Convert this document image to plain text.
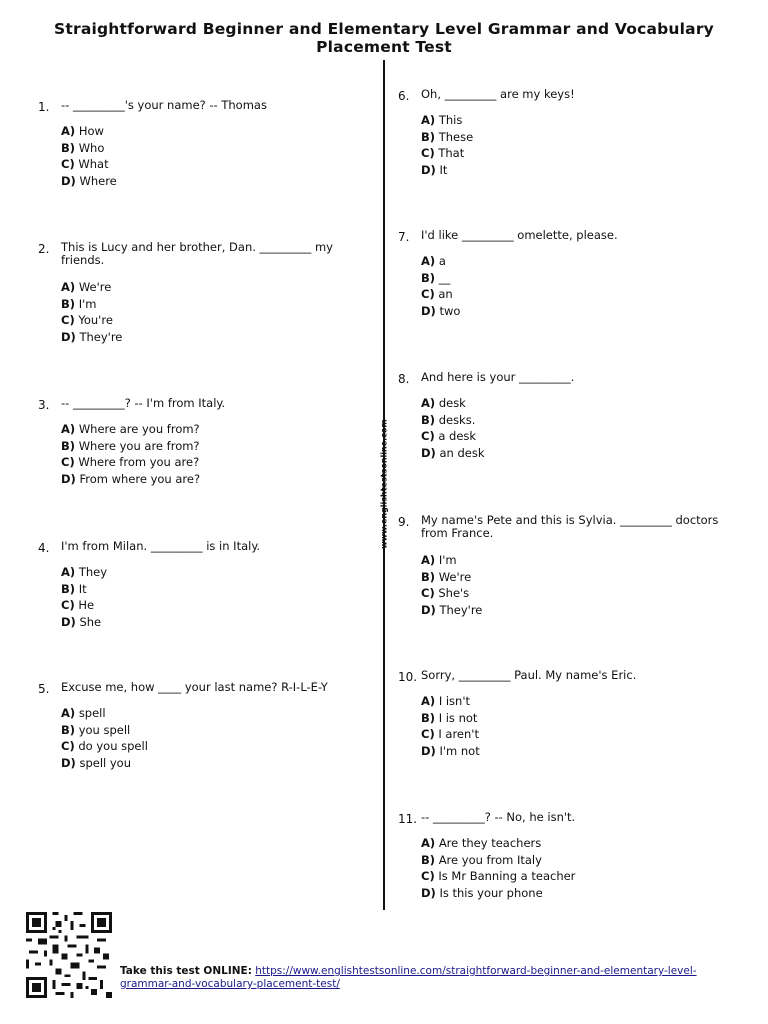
Straightforward Beginner and Elementary Level Grammar and Vocabulary Placement Test
www.englishtestsonline.com
1. -- _________'s your name? -- Thomas
A) How
B) Who
C) What
D) Where
2. This is Lucy and her brother, Dan. _________ my friends.
A) We're
B) I'm
C) You're
D) They're
3. -- _________? -- I'm from Italy.
A) Where are you from?
B) Where you are from?
C) Where from you are?
D) From where you are?
4. I'm from Milan. _________ is in Italy.
A) They
B) It
C) He
D) She
5. Excuse me, how ____ your last name? R-I-L-E-Y
A) spell
B) you spell
C) do you spell
D) spell you
6. Oh, _________ are my keys!
A) This
B) These
C) That
D) It
7. I'd like _________ omelette, please.
A) a
B) __
C) an
D) two
8. And here is your _________.
A) desk
B) desks.
C) a desk
D) an desk
9. My name's Pete and this is Sylvia. _________ doctors from France.
A) I'm
B) We're
C) She's
D) They're
10. Sorry, _________ Paul. My name's Eric.
A) I isn't
B) I is not
C) I aren't
D) I'm not
11. -- _________? -- No, he isn't.
A) Are they teachers
B) Are you from Italy
C) Is Mr Banning a teacher
D) Is this your phone
Take this test ONLINE: https://www.englishtestsonline.com/straightforward-beginner-and-elementary-level-grammar-and-vocabulary-placement-test/
